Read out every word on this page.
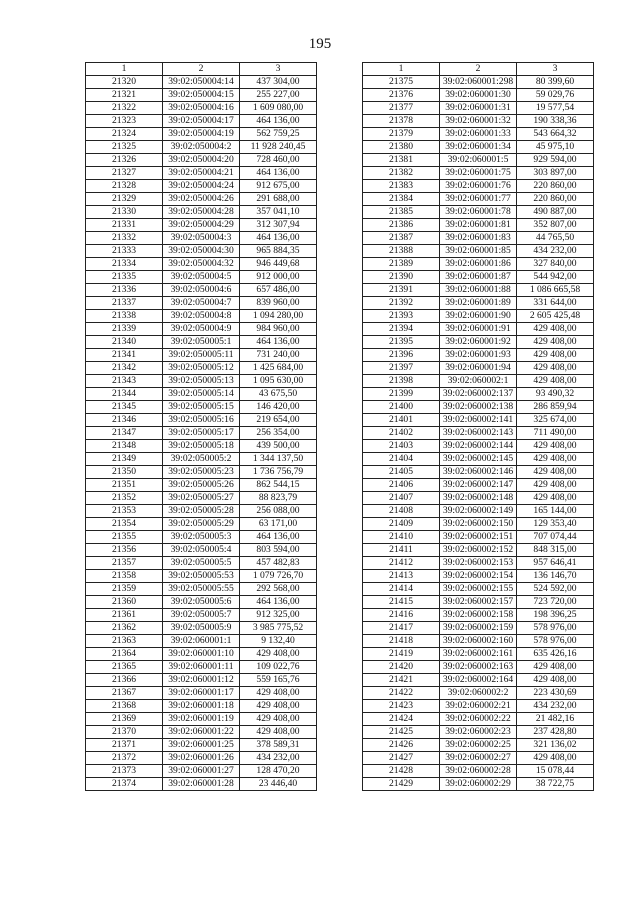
195
1	2	3
21320	39:02:050004:14	437 304,00
21321	39:02:050004:15	255 227,00
21322	39:02:050004:16	1 609 080,00
21323	39:02:050004:17	464 136,00
21324	39:02:050004:19	562 759,25
21325	39:02:050004:2	11 928 240,45
21326	39:02:050004:20	728 460,00
21327	39:02:050004:21	464 136,00
21328	39:02:050004:24	912 675,00
21329	39:02:050004:26	291 688,00
21330	39:02:050004:28	357 041,10
21331	39:02:050004:29	312 307,94
21332	39:02:050004:3	464 136,00
21333	39:02:050004:30	965 884,35
21334	39:02:050004:32	946 449,68
21335	39:02:050004:5	912 000,00
21336	39:02:050004:6	657 486,00
21337	39:02:050004:7	839 960,00
21338	39:02:050004:8	1 094 280,00
21339	39:02:050004:9	984 960,00
21340	39:02:050005:1	464 136,00
21341	39:02:050005:11	731 240,00
21342	39:02:050005:12	1 425 684,00
21343	39:02:050005:13	1 095 630,00
21344	39:02:050005:14	43 675,50
21345	39:02:050005:15	146 420,00
21346	39:02:050005:16	219 654,00
21347	39:02:050005:17	256 354,00
21348	39:02:050005:18	439 500,00
21349	39:02:050005:2	1 344 137,50
21350	39:02:050005:23	1 736 756,79
21351	39:02:050005:26	862 544,15
21352	39:02:050005:27	88 823,79
21353	39:02:050005:28	256 088,00
21354	39:02:050005:29	63 171,00
21355	39:02:050005:3	464 136,00
21356	39:02:050005:4	803 594,00
21357	39:02:050005:5	457 482,83
21358	39:02:050005:53	1 079 726,70
21359	39:02:050005:55	292 568,00
21360	39:02:050005:6	464 136,00
21361	39:02:050005:7	912 325,00
21362	39:02:050005:9	3 985 775,52
21363	39:02:060001:1	9 132,40
21364	39:02:060001:10	429 408,00
21365	39:02:060001:11	109 022,76
21366	39:02:060001:12	559 165,76
21367	39:02:060001:17	429 408,00
21368	39:02:060001:18	429 408,00
21369	39:02:060001:19	429 408,00
21370	39:02:060001:22	429 408,00
21371	39:02:060001:25	378 589,31
21372	39:02:060001:26	434 232,00
21373	39:02:060001:27	128 470,20
21374	39:02:060001:28	23 446,40
1	2	3
21375	39:02:060001:298	80 399,60
21376	39:02:060001:30	59 029,76
21377	39:02:060001:31	19 577,54
21378	39:02:060001:32	190 338,36
21379	39:02:060001:33	543 664,32
21380	39:02:060001:34	45 975,10
21381	39:02:060001:5	929 594,00
21382	39:02:060001:75	303 897,00
21383	39:02:060001:76	220 860,00
21384	39:02:060001:77	220 860,00
21385	39:02:060001:78	490 887,00
21386	39:02:060001:81	352 807,00
21387	39:02:060001:83	44 765,50
21388	39:02:060001:85	434 232,00
21389	39:02:060001:86	327 840,00
21390	39:02:060001:87	544 942,00
21391	39:02:060001:88	1 086 665,58
21392	39:02:060001:89	331 644,00
21393	39:02:060001:90	2 605 425,48
21394	39:02:060001:91	429 408,00
21395	39:02:060001:92	429 408,00
21396	39:02:060001:93	429 408,00
21397	39:02:060001:94	429 408,00
21398	39:02:060002:1	429 408,00
21399	39:02:060002:137	93 490,32
21400	39:02:060002:138	286 859,94
21401	39:02:060002:141	325 674,00
21402	39:02:060002:143	711 490,00
21403	39:02:060002:144	429 408,00
21404	39:02:060002:145	429 408,00
21405	39:02:060002:146	429 408,00
21406	39:02:060002:147	429 408,00
21407	39:02:060002:148	429 408,00
21408	39:02:060002:149	165 144,00
21409	39:02:060002:150	129 353,40
21410	39:02:060002:151	707 074,44
21411	39:02:060002:152	848 315,00
21412	39:02:060002:153	957 646,41
21413	39:02:060002:154	136 146,70
21414	39:02:060002:155	524 592,00
21415	39:02:060002:157	723 720,00
21416	39:02:060002:158	198 396,25
21417	39:02:060002:159	578 976,00
21418	39:02:060002:160	578 976,00
21419	39:02:060002:161	635 426,16
21420	39:02:060002:163	429 408,00
21421	39:02:060002:164	429 408,00
21422	39:02:060002:2	223 430,69
21423	39:02:060002:21	434 232,00
21424	39:02:060002:22	21 482,16
21425	39:02:060002:23	237 428,80
21426	39:02:060002:25	321 136,02
21427	39:02:060002:27	429 408,00
21428	39:02:060002:28	15 078,44
21429	39:02:060002:29	38 722,75
